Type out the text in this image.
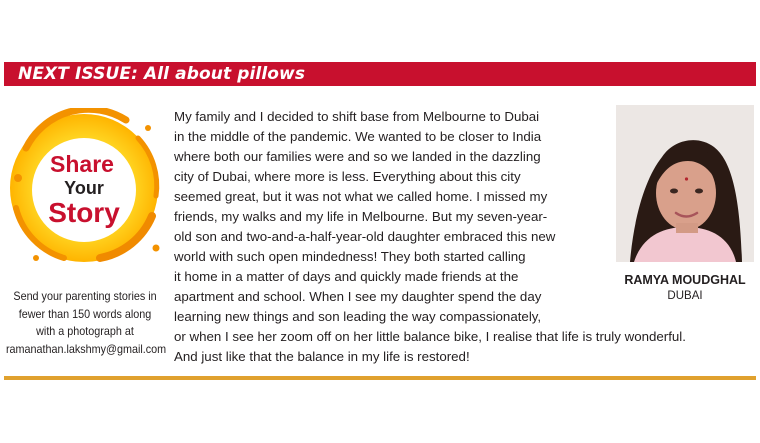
NEXT ISSUE: All about pillows
Share
Your
Story
Send your parenting stories in
fewer than 150 words along
with a photograph at
ramanathan.lakshmy@gmail.com
My family and I decided to shift base from Melbourne to Dubai
in the middle of the pandemic. We wanted to be closer to India
where both our families were and so we landed in the dazzling
city of Dubai, where more is less. Everything about this city
seemed great, but it was not what we called home. I missed my
friends, my walks and my life in Melbourne. But my seven-year-
old son and two-and-a-half-year-old daughter embraced this new
world with such open mindedness! They both started calling
it home in a matter of days and quickly made friends at the
apartment and school. When I see my daughter spend the day
learning new things and son leading the way compassionately,
or when I see her zoom off on her little balance bike, I realise that life is truly wonderful.
And just like that the balance in my life is restored!
RAMYA MOUDGHAL
DUBAI
